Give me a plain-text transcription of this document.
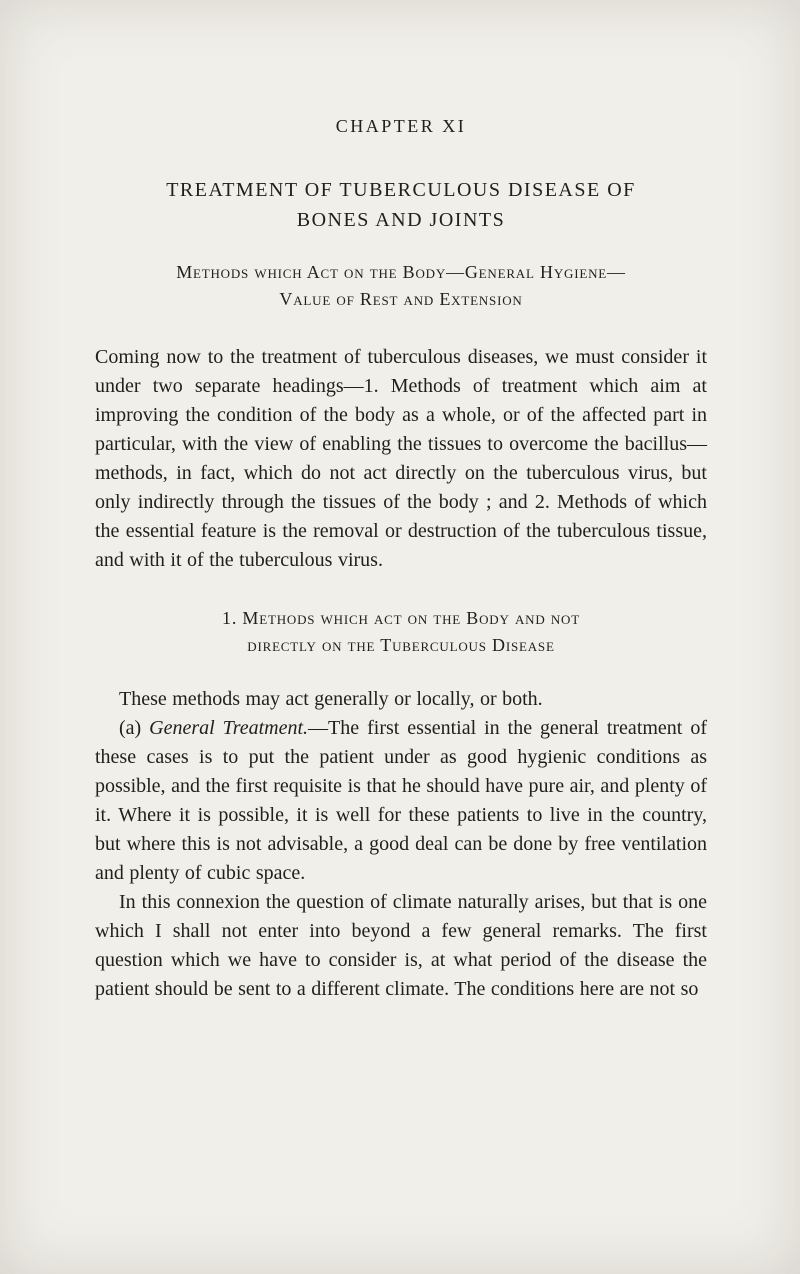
CHAPTER XI
TREATMENT OF TUBERCULOUS DISEASE OF
BONES AND JOINTS
Methods which Act on the Body—General Hygiene—
Value of Rest and Extension

Coming now to the treatment of tuberculous diseases, we must consider it under two separate headings—1. Methods of treatment which aim at improving the condition of the body as a whole, or of the affected part in particular, with the view of enabling the tissues to overcome the bacillus—methods, in fact, which do not act directly on the tuberculous virus, but only indirectly through the tissues of the body ; and 2. Methods of which the essential feature is the removal or destruction of the tuberculous tissue, and with it of the tuberculous virus.

1. Methods which act on the Body and not
directly on the Tuberculous Disease

These methods may act generally or locally, or both.

(a) General Treatment.—The first essential in the general treatment of these cases is to put the patient under as good hygienic conditions as possible, and the first requisite is that he should have pure air, and plenty of it. Where it is possible, it is well for these patients to live in the country, but where this is not advisable, a good deal can be done by free ventilation and plenty of cubic space.

In this connexion the question of climate naturally arises, but that is one which I shall not enter into beyond a few general remarks. The first question which we have to consider is, at what period of the disease the patient should be sent to a different climate. The conditions here are not so
